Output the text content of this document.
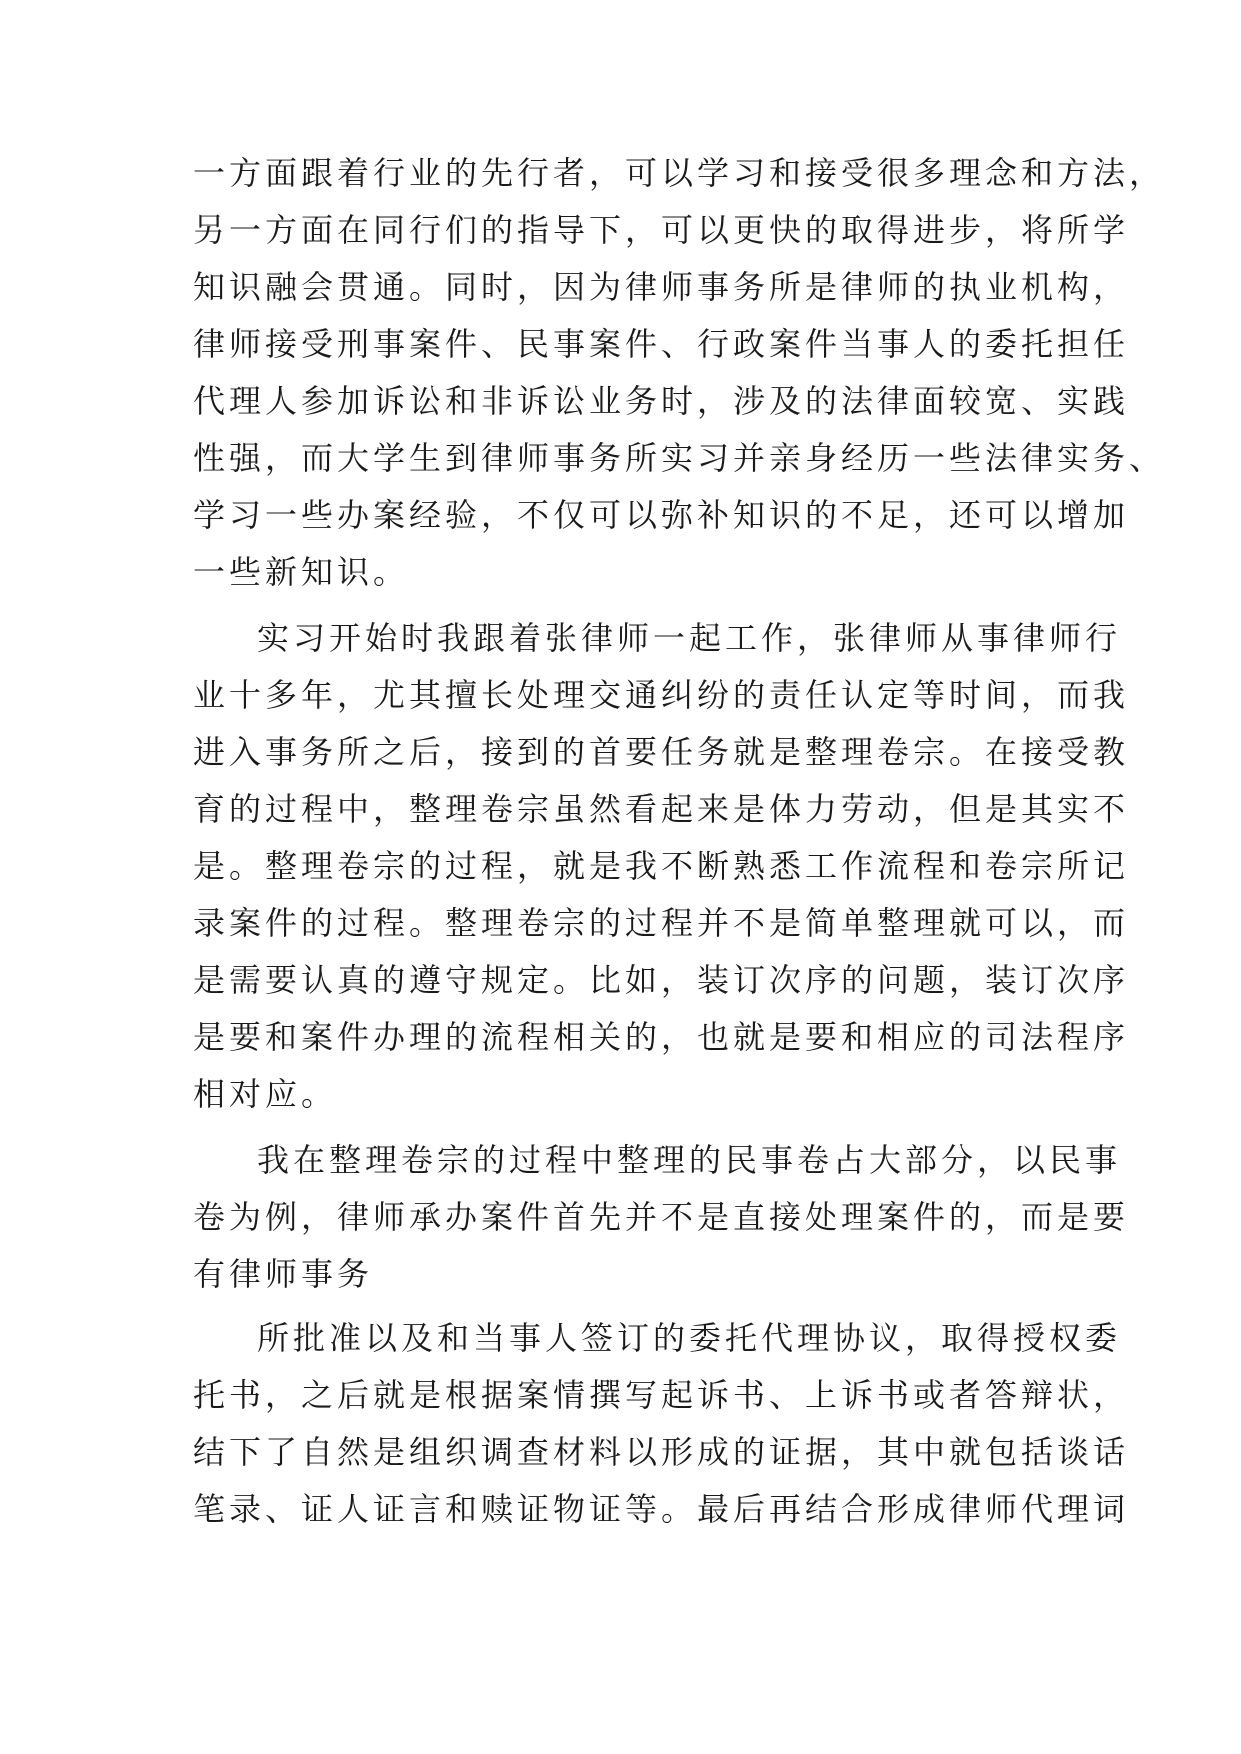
一方面跟着行业的先行者，可以学习和接受很多理念和方法，

另一方面在同行们的指导下，可以更快的取得进步，将所学

知识融会贯通。同时，因为律师事务所是律师的执业机构，

律师接受刑事案件、民事案件、行政案件当事人的委托担任

代理人参加诉讼和非诉讼业务时，涉及的法律面较宽、实践

性强，而大学生到律师事务所实习并亲身经历一些法律实务、

学习一些办案经验，不仅可以弥补知识的不足，还可以增加

一些新知识。

实习开始时我跟着张律师一起工作，张律师从事律师行

业十多年，尤其擅长处理交通纠纷的责任认定等时间，而我

进入事务所之后，接到的首要任务就是整理卷宗。在接受教

育的过程中，整理卷宗虽然看起来是体力劳动，但是其实不

是。整理卷宗的过程，就是我不断熟悉工作流程和卷宗所记

录案件的过程。整理卷宗的过程并不是简单整理就可以，而

是需要认真的遵守规定。比如，装订次序的问题，装订次序

是要和案件办理的流程相关的，也就是要和相应的司法程序

相对应。

我在整理卷宗的过程中整理的民事卷占大部分，以民事

卷为例，律师承办案件首先并不是直接处理案件的，而是要

有律师事务

所批准以及和当事人签订的委托代理协议，取得授权委

托书，之后就是根据案情撰写起诉书、上诉书或者答辩状，

结下了自然是组织调查材料以形成的证据，其中就包括谈话

笔录、证人证言和赎证物证等。最后再结合形成律师代理词
